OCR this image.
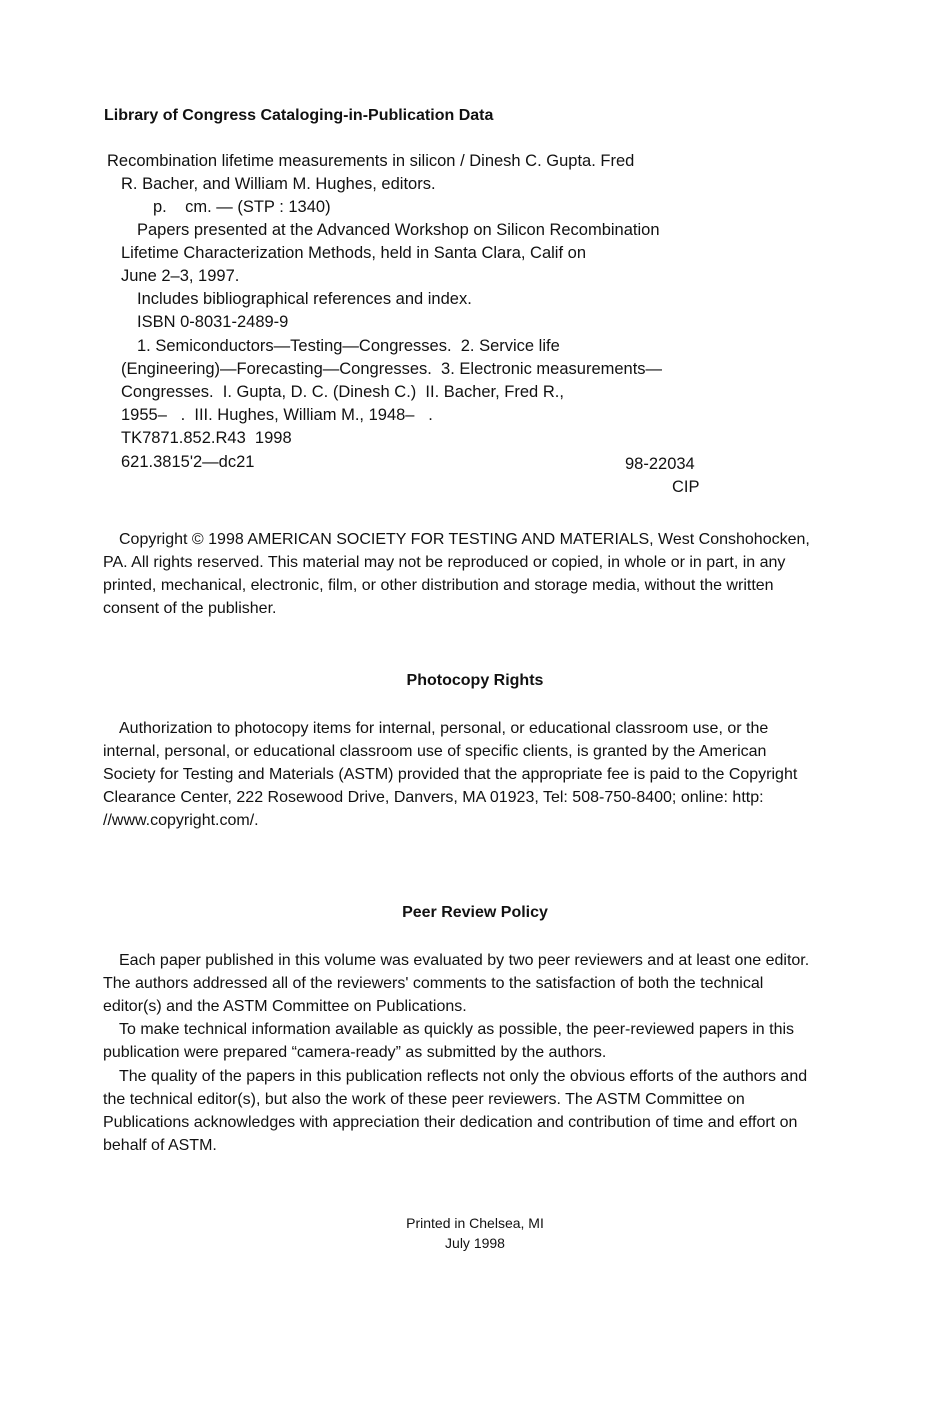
Library of Congress Cataloging-in-Publication Data
Recombination lifetime measurements in silicon / Dinesh C. Gupta. Fred
R. Bacher, and William M. Hughes, editors.
p.    cm. — (STP : 1340)
Papers presented at the Advanced Workshop on Silicon Recombination
Lifetime Characterization Methods, held in Santa Clara, Calif on
June 2–3, 1997.
Includes bibliographical references and index.
ISBN 0-8031-2489-9
1. Semiconductors—Testing—Congresses.  2. Service life
(Engineering)—Forecasting—Congresses.  3. Electronic measurements—
Congresses.  I. Gupta, D. C. (Dinesh C.)  II. Bacher, Fred R.,
1955–   .  III. Hughes, William M., 1948–   .
TK7871.852.R43  1998
621.3815'2—dc21	98-22034
CIP
Copyright © 1998 AMERICAN SOCIETY FOR TESTING AND MATERIALS, West Conshohocken,
PA. All rights reserved. This material may not be reproduced or copied, in whole or in part, in any
printed, mechanical, electronic, film, or other distribution and storage media, without the written
consent of the publisher.
Photocopy Rights
Authorization to photocopy items for internal, personal, or educational classroom use, or the
internal, personal, or educational classroom use of specific clients, is granted by the American
Society for Testing and Materials (ASTM) provided that the appropriate fee is paid to the Copyright
Clearance Center, 222 Rosewood Drive, Danvers, MA 01923, Tel: 508-750-8400; online: http:
//www.copyright.com/.
Peer Review Policy
Each paper published in this volume was evaluated by two peer reviewers and at least one editor.
The authors addressed all of the reviewers' comments to the satisfaction of both the technical
editor(s) and the ASTM Committee on Publications.
To make technical information available as quickly as possible, the peer-reviewed papers in this
publication were prepared “camera-ready” as submitted by the authors.
The quality of the papers in this publication reflects not only the obvious efforts of the authors and
the technical editor(s), but also the work of these peer reviewers. The ASTM Committee on
Publications acknowledges with appreciation their dedication and contribution of time and effort on
behalf of ASTM.
Printed in Chelsea, MI
July 1998
